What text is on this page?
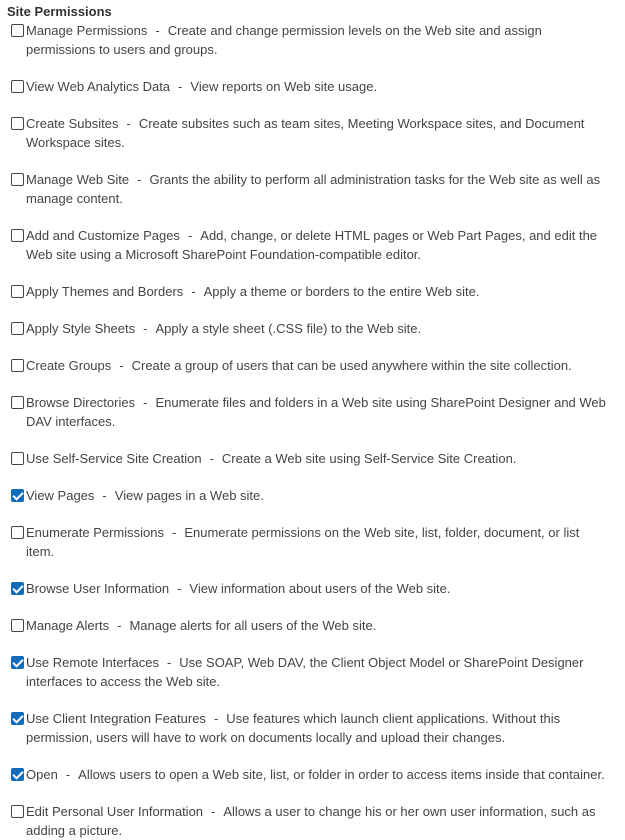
Site Permissions
Manage Permissions - Create and change permission levels on the Web site and assign permissions to users and groups.
View Web Analytics Data - View reports on Web site usage.
Create Subsites - Create subsites such as team sites, Meeting Workspace sites, and Document Workspace sites.
Manage Web Site - Grants the ability to perform all administration tasks for the Web site as well as manage content.
Add and Customize Pages - Add, change, or delete HTML pages or Web Part Pages, and edit the Web site using a Microsoft SharePoint Foundation-compatible editor.
Apply Themes and Borders - Apply a theme or borders to the entire Web site.
Apply Style Sheets - Apply a style sheet (.CSS file) to the Web site.
Create Groups - Create a group of users that can be used anywhere within the site collection.
Browse Directories - Enumerate files and folders in a Web site using SharePoint Designer and Web DAV interfaces.
Use Self-Service Site Creation - Create a Web site using Self-Service Site Creation.
View Pages - View pages in a Web site.
Enumerate Permissions - Enumerate permissions on the Web site, list, folder, document, or list item.
Browse User Information - View information about users of the Web site.
Manage Alerts - Manage alerts for all users of the Web site.
Use Remote Interfaces - Use SOAP, Web DAV, the Client Object Model or SharePoint Designer interfaces to access the Web site.
Use Client Integration Features - Use features which launch client applications. Without this permission, users will have to work on documents locally and upload their changes.
Open - Allows users to open a Web site, list, or folder in order to access items inside that container.
Edit Personal User Information - Allows a user to change his or her own user information, such as adding a picture.
